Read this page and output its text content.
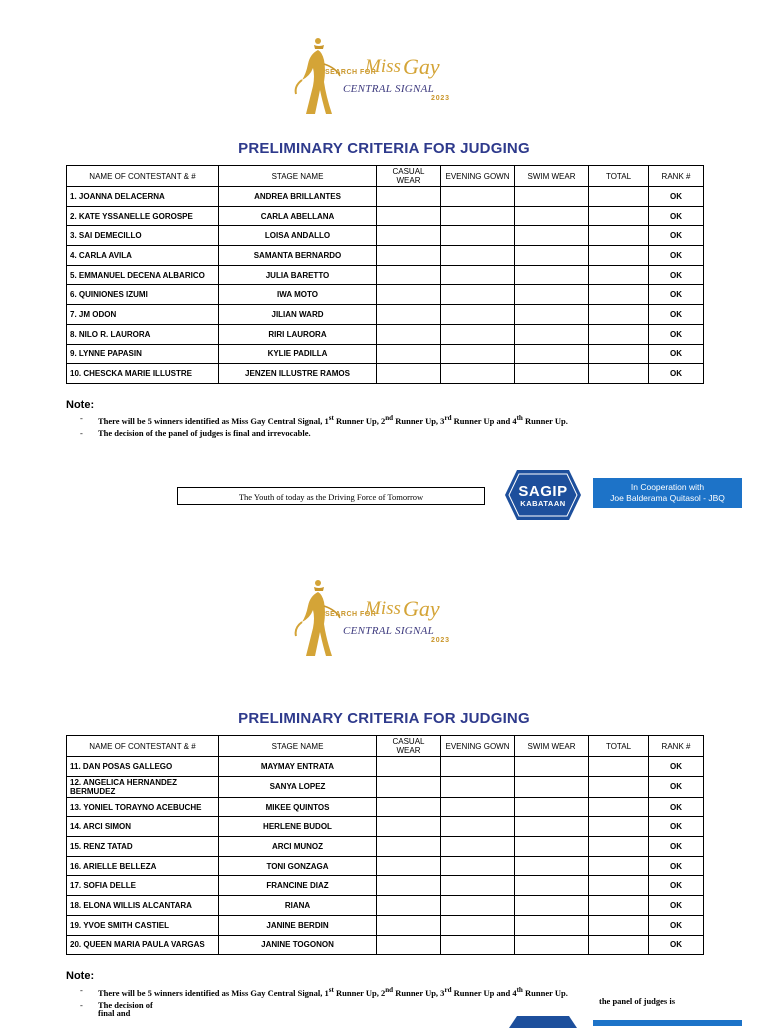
SEARCH FOR
Miss Gay
CENTRAL SIGNAL
2023
PRELIMINARY CRITERIA FOR JUDGING
NAME OF CONTESTANT & #	STAGE NAME	CASUAL WEAR	EVENING GOWN	SWIM WEAR	TOTAL	RANK #
1. JOANNA DELACERNA	ANDREA BRILLANTES					OK
2. KATE YSSANELLE GOROSPE	CARLA ABELLANA					OK
3. SAI DEMECILLO	LOISA ANDALLO					OK
4. CARLA AVILA	SAMANTA BERNARDO					OK
5. EMMANUEL DECENA ALBARICO	JULIA BARETTO					OK
6. QUINIONES IZUMI	IWA MOTO					OK
7. JM ODON	JILIAN WARD					OK
8. NILO R. LAURORA	RIRI LAURORA					OK
9. LYNNE PAPASIN	KYLIE PADILLA					OK
10. CHESCKA MARIE ILLUSTRE	JENZEN ILLUSTRE RAMOS					OK
Note:
- There will be 5 winners identified as Miss Gay Central Signal, 1st Runner Up, 2nd Runner Up, 3rd Runner Up and 4th Runner Up.
- The decision of the panel of judges is final and irrevocable.
The Youth of today as the Driving Force of Tomorrow	SAGIP
KABATAAN
In Cooperation with
Joe Balderama Quitasol - JBQ
SEARCH FOR
Miss Gay
CENTRAL SIGNAL
2023
PRELIMINARY CRITERIA FOR JUDGING
NAME OF CONTESTANT & #	STAGE NAME	CASUAL WEAR	EVENING GOWN	SWIM WEAR	TOTAL	RANK #
11. DAN POSAS GALLEGO	MAYMAY ENTRATA					OK
12. ANGELICA HERNANDEZ BERMUDEZ	SANYA LOPEZ					OK
13. YONIEL TORAYNO ACEBUCHE	MIKEE QUINTOS					OK
14. ARCI SIMON	HERLENE BUDOL					OK
15. RENZ TATAD	ARCI MUNOZ					OK
16. ARIELLE BELLEZA	TONI GONZAGA					OK
17. SOFIA DELLE	FRANCINE DIAZ					OK
18. ELONA WILLIS ALCANTARA	RIANA					OK
19. YVOE SMITH CASTIEL	JANINE BERDIN					OK
20. QUEEN MARIA PAULA VARGAS	JANINE TOGONON					OK
Note:
- There will be 5 winners identified as Miss Gay Central Signal, 1st Runner Up, 2nd Runner Up, 3rd Runner Up and 4th Runner Up.
- The decision of	the panel of judges is
final and
